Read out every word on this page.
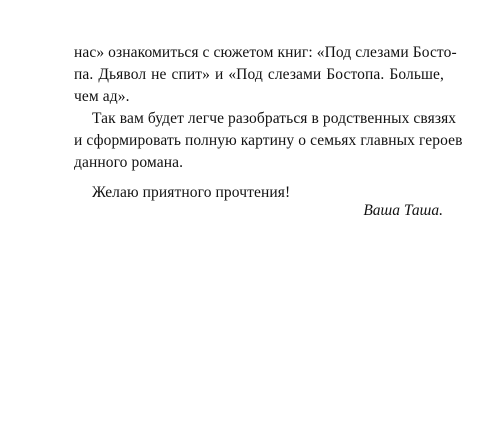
нас» ознакомиться с сюжетом книг: «Под слезами Босто-
па. Дьявол не спит» и «Под слезами Бостопа. Больше,
чем ад».
Так вам будет легче разобраться в родственных связях
и сформировать полную картину о семьях главных героев
данного романа.
Желаю приятного прочтения!
Ваша Таша.
